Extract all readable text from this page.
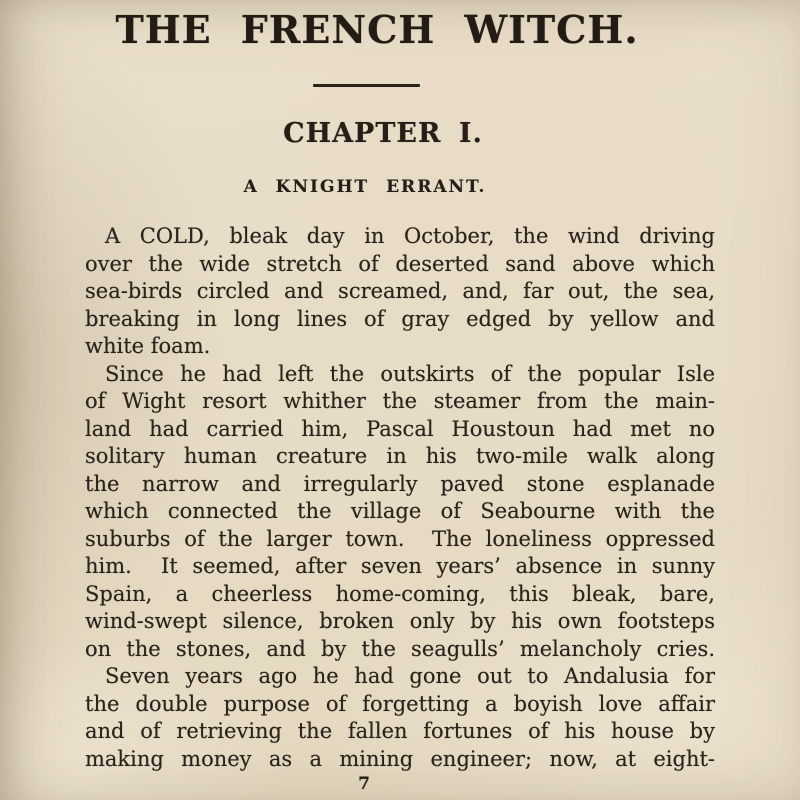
THE FRENCH WITCH.
CHAPTER I.
A KNIGHT ERRANT.

A COLD, bleak day in October, the wind driving
over the wide stretch of deserted sand above which
sea-birds circled and screamed, and, far out, the sea,
breaking in long lines of gray edged by yellow and
white foam.

Since he had left the outskirts of the popular Isle
of Wight resort whither the steamer from the main-
land had carried him, Pascal Houstoun had met no
solitary human creature in his two-mile walk along
the narrow and irregularly paved stone esplanade
which connected the village of Seabourne with the
suburbs of the larger town.  The loneliness oppressed
him.  It seemed, after seven years’ absence in sunny
Spain, a cheerless home-coming, this bleak, bare,
wind-swept silence, broken only by his own footsteps
on the stones, and by the seagulls’ melancholy cries.

Seven years ago he had gone out to Andalusia for
the double purpose of forgetting a boyish love affair
and of retrieving the fallen fortunes of his house by
making money as a mining engineer; now, at eight-

7
